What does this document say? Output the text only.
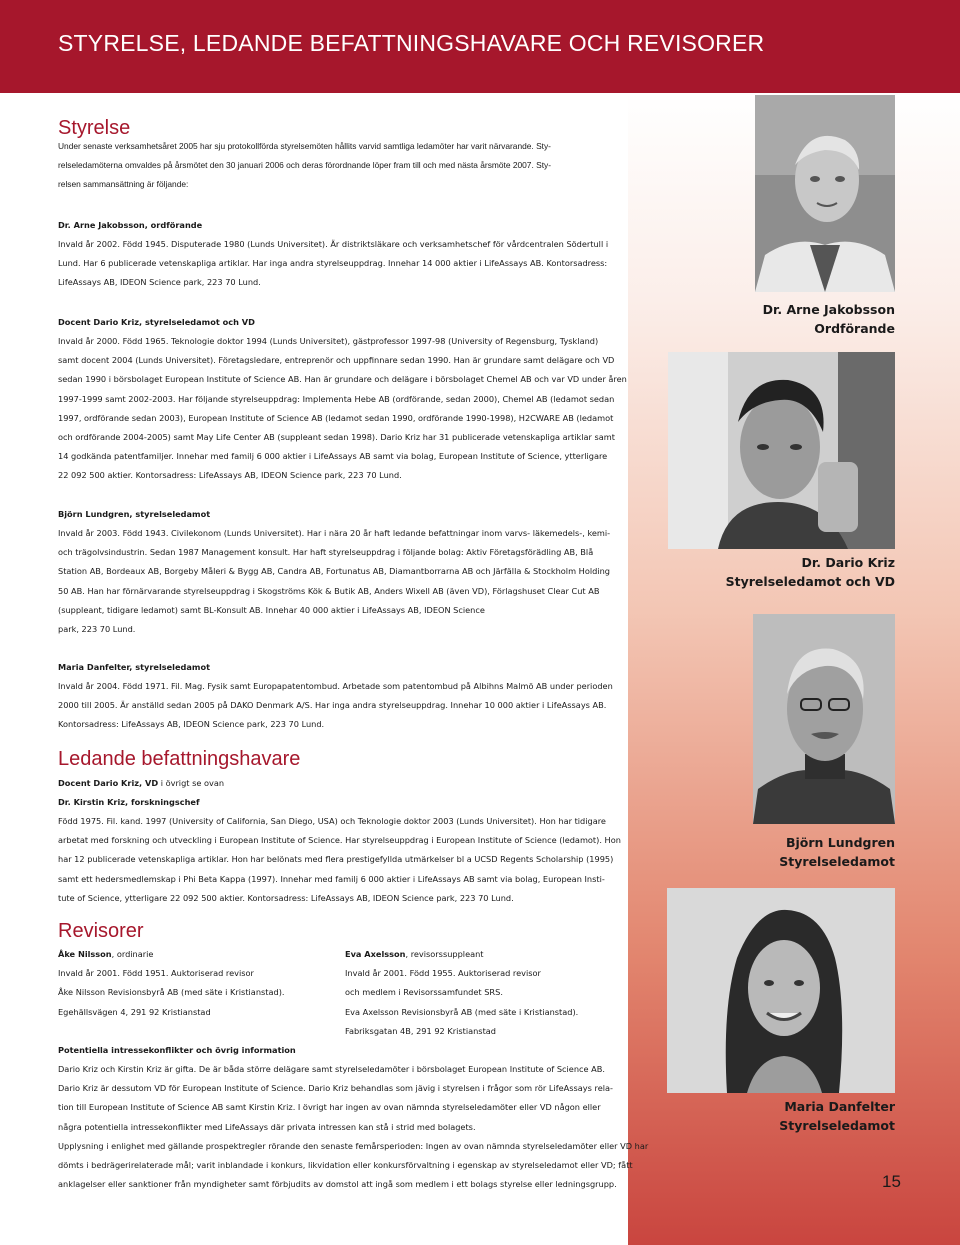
STYRELSE, LEDANDE BEFATTNINGSHAVARE OCH REVISORER
Styrelse

Under senaste verksamhetsåret 2005 har sju protokollförda styrelsemöten hållits varvid samtliga ledamöter har varit närvarande. Sty-

relseledamöterna omvaldes på årsmötet den 30 januari 2006 och deras förordnande löper fram till och med nästa årsmöte 2007. Sty-

relsen sammansättning är följande:

Dr. Arne Jakobsson, ordförande

Invald år 2002. Född 1945. Disputerade 1980 (Lunds Universitet). Är distriktsläkare och verksamhetschef för vårdcentralen Södertull i

Lund. Har 6 publicerade vetenskapliga artiklar. Har inga andra styrelseuppdrag. Innehar 14 000 aktier i LifeAssays AB. Kontorsadress:

LifeAssays AB, IDEON Science park, 223 70 Lund.

Docent Dario Kriz, styrelseledamot och VD

Invald år 2000. Född 1965. Teknologie doktor 1994 (Lunds Universitet), gästprofessor 1997-98 (University of Regensburg, Tyskland)

samt docent 2004 (Lunds Universitet). Företagsledare, entreprenör och uppfinnare sedan 1990. Han är grundare samt delägare och VD

sedan 1990 i börsbolaget European Institute of Science AB. Han är grundare och delägare i börsbolaget Chemel AB och var VD under åren

1997-1999 samt 2002-2003. Har följande styrelseuppdrag: Implementa Hebe AB (ordförande, sedan 2000), Chemel AB (ledamot sedan

1997, ordförande sedan 2003), European Institute of Science AB (ledamot sedan 1990, ordförande 1990-1998), H2CWARE AB (ledamot

och ordförande 2004-2005) samt May Life Center AB (suppleant sedan 1998). Dario Kriz har 31 publicerade vetenskapliga artiklar samt

14 godkända patentfamiljer. Innehar med familj 6 000 aktier i LifeAssays AB samt via bolag, European Institute of Science, ytterligare

22 092 500 aktier. Kontorsadress: LifeAssays AB, IDEON Science park, 223 70 Lund.

Björn Lundgren, styrelseledamot

Invald år 2003. Född 1943. Civilekonom (Lunds Universitet). Har i nära 20 år haft ledande befattningar inom varvs- läkemedels-, kemi-

och trägolvsindustrin. Sedan 1987 Management konsult. Har haft styrelseuppdrag i följande bolag: Aktiv Företagsförädling AB, Blå

Station AB, Bordeaux AB, Borgeby Måleri & Bygg AB, Candra AB, Fortunatus AB, Diamantborrarna AB och Järfälla & Stockholm Holding

50 AB. Han har förnärvarande styrelseuppdrag i Skogströms Kök & Butik AB, Anders Wixell AB (även VD), Förlagshuset Clear Cut AB

(suppleant, tidigare ledamot) samt BL-Konsult AB. Innehar 40 000 aktier i LifeAssays AB, IDEON Science

park, 223 70 Lund.

Maria Danfelter, styrelseledamot

Invald år 2004. Född 1971. Fil. Mag. Fysik samt Europapatentombud. Arbetade som patentombud på Albihns Malmö AB under perioden

2000 till 2005. Är anställd sedan 2005 på DAKO Denmark A/S. Har inga andra styrelseuppdrag. Innehar 10 000 aktier i LifeAssays AB.

Kontorsadress: LifeAssays AB, IDEON Science park, 223 70 Lund.

Ledande befattningshavare

Docent Dario Kriz, VD i övrigt se ovan

Dr. Kirstin Kriz, forskningschef

Född 1975. Fil. kand. 1997 (University of California, San Diego, USA) och Teknologie doktor 2003 (Lunds Universitet). Hon har tidigare

arbetat med forskning och utveckling i European Institute of Science. Har styrelseuppdrag i European Institute of Science (ledamot). Hon

har 12 publicerade vetenskapliga artiklar. Hon har belönats med flera prestigefyllda utmärkelser bl a UCSD Regents Scholarship (1995)

samt ett hedersmedlemskap i Phi Beta Kappa (1997). Innehar med familj 6 000 aktier i LifeAssays AB samt via bolag, European Insti-

tute of Science, ytterligare 22 092 500 aktier. Kontorsadress: LifeAssays AB, IDEON Science park, 223 70 Lund.

Revisorer

Åke Nilsson, ordinarie

Invald år 2001. Född 1951. Auktoriserad revisor

Åke Nilsson Revisionsbyrå AB (med säte i Kristianstad).

Egehällsvägen 4, 291 92 Kristianstad

Eva Axelsson, revisorssuppleant

Invald år 2001. Född 1955. Auktoriserad revisor

och medlem i Revisorssamfundet SRS.

Eva Axelsson Revisionsbyrå AB (med säte i Kristianstad).

Fabriksgatan 4B, 291 92 Kristianstad

Potentiella intressekonflikter och övrig information

Dario Kriz och Kirstin Kriz är gifta. De är båda större delägare samt styrelseledamöter i börsbolaget European Institute of Science AB.

Dario Kriz är dessutom VD för European Institute of Science. Dario Kriz behandlas som jävig i styrelsen i frågor som rör LifeAssays rela-

tion till European Institute of Science AB samt Kirstin Kriz. I övrigt har ingen av ovan nämnda styrelseledamöter eller VD någon eller

några potentiella intressekonflikter med LifeAssays där privata intressen kan stå i strid med bolagets.

Upplysning i enlighet med gällande prospektregler rörande den senaste femårsperioden: Ingen av ovan nämnda styrelseledamöter eller VD har

dömts i bedrägerirelaterade mål; varit inblandade i konkurs, likvidation eller konkursförvaltning i egenskap av styrelseledamot eller VD; fått

anklagelser eller sanktioner från myndigheter samt förbjudits av domstol att ingå som medlem i ett bolags styrelse eller ledningsgrupp.

Dr. Arne Jakobsson
Ordförande
Dr. Dario Kriz
Styrelseledamot och VD
Björn Lundgren
Styrelseledamot
Maria Danfelter
Styrelseledamot
15
